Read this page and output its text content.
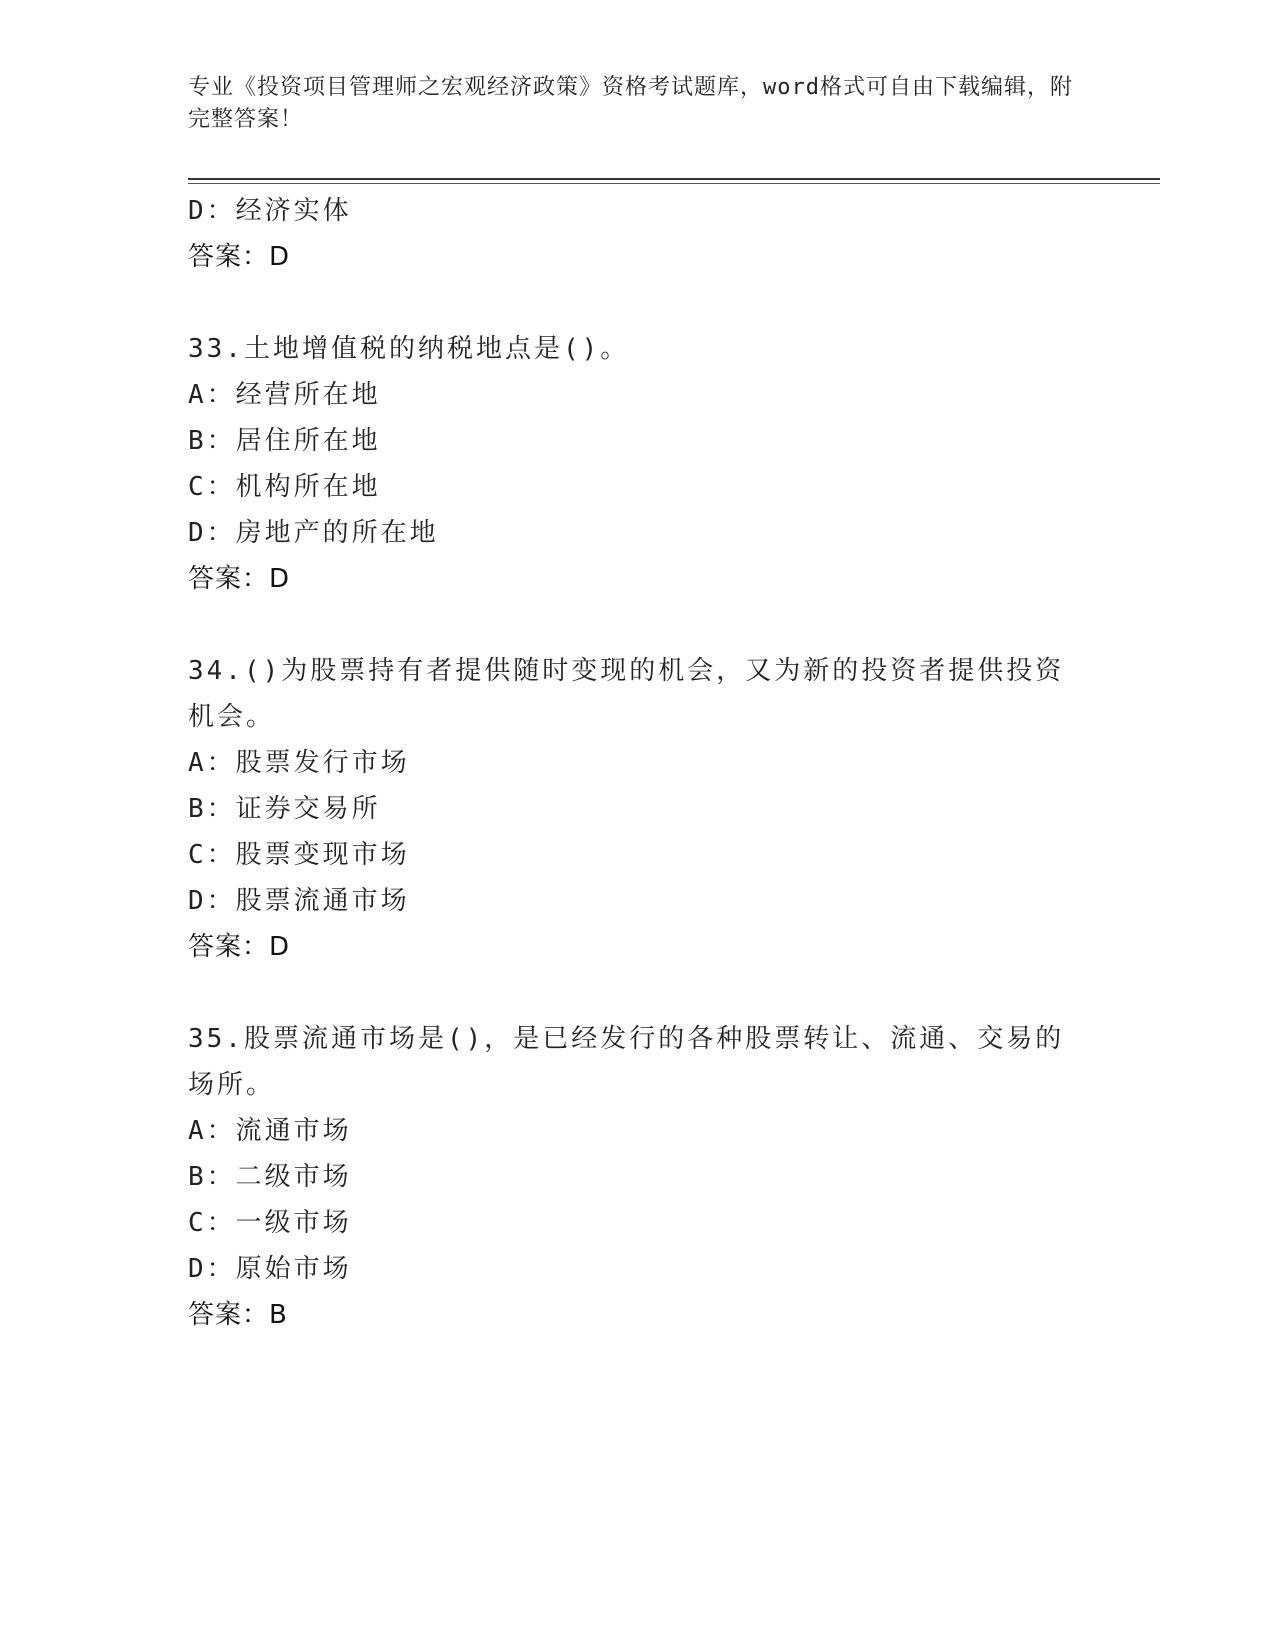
专业《投资项目管理师之宏观经济政策》资格考试题库，word格式可自由下载编辑，附完整答案！
D：经济实体
答案：D
33.土地增值税的纳税地点是()。
A：经营所在地
B：居住所在地
C：机构所在地
D：房地产的所在地
答案：D
34.()为股票持有者提供随时变现的机会，又为新的投资者提供投资机会。
A：股票发行市场
B：证券交易所
C：股票变现市场
D：股票流通市场
答案：D
35.股票流通市场是()，是已经发行的各种股票转让、流通、交易的场所。
A：流通市场
B：二级市场
C：一级市场
D：原始市场
答案：B
